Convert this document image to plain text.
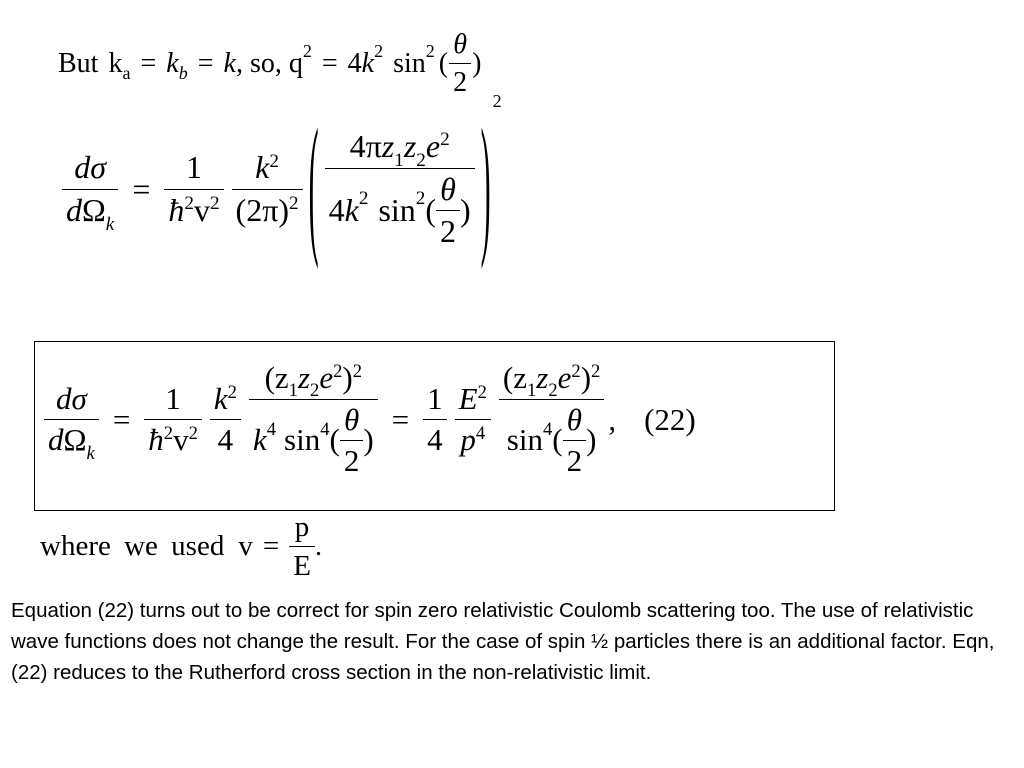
But k a = k b = k , so, q 2 = 4 k 2 sin 2 ( $\frac{\theta}{2}$ )
$\frac{d\sigma}{d\Omega_k} = \frac{1}{ħ^2v^2} \frac{k^2}{(2\pi)^2}$ ( $\frac{4\pi z_1z_2e^2}{4 k 2 \sin 2 ( \frac{\theta}{2} )}$ )
2
$\frac{d\sigma}{d\Omega_k} = \frac{1}{ħ^2v^2} \frac{k^2}{4} \frac{(z_1z_2e^2)^2}{k 4 \sin 4 ( \frac{\theta}{2} )} = \frac{1}{4} \frac{E^2}{p^4} \frac{(z_1z_2e^2)^2}{\sin 4 ( \frac{\theta}{2} )}$ , (22)
where we used $v = \frac{p}{E}$ .
Equation (22) turns out to be correct for spin zero relativistic Coulomb scattering too. The use of relativistic wave functions does not change the result. For the case of spin ½ particles there is an additional factor. Eqn, (22) reduces to the Rutherford cross section in the non-relativistic limit.
